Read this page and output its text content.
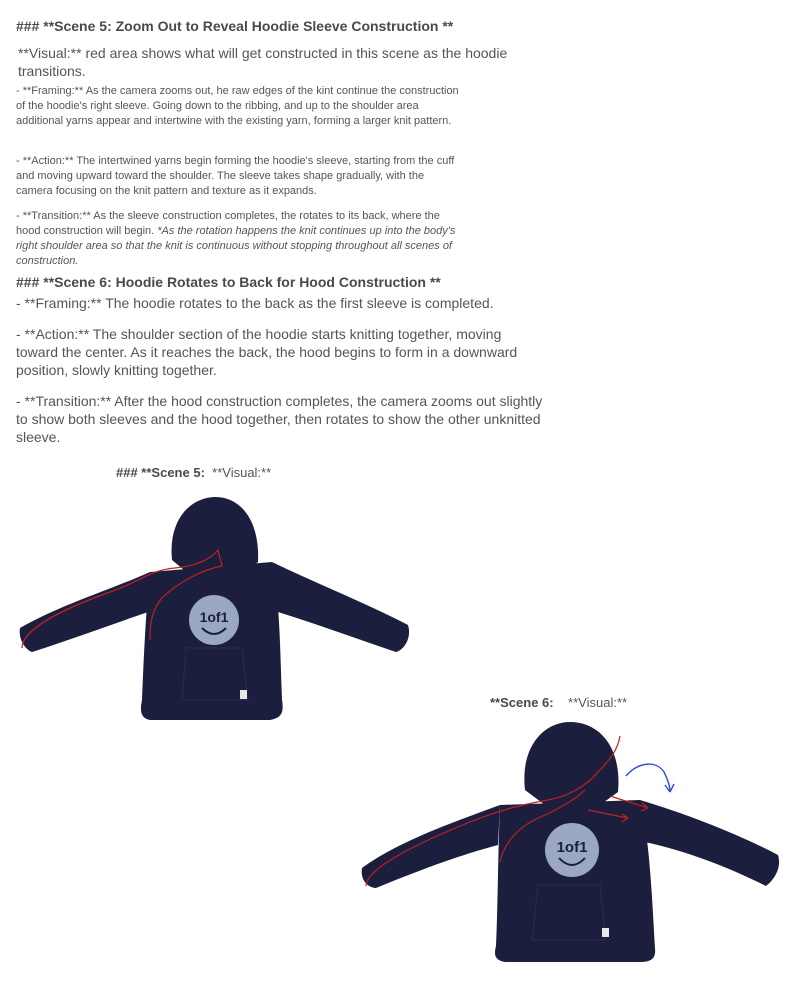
### **Scene 5: Zoom Out to Reveal Hoodie Sleeve Construction **
**Visual:** red area shows what will get constructed in this scene as the hoodie transitions.
- **Framing:** As the camera zooms out, he raw edges of the kint continue the construction of the hoodie's right sleeve. Going down to the ribbing, and up to the shoulder area additional yarns appear and intertwine with the existing yarn, forming a larger knit pattern.
- **Action:** The intertwined yarns begin forming the hoodie's sleeve, starting from the cuff and moving upward toward the shoulder. The sleeve takes shape gradually, with the camera focusing on the knit pattern and texture as it expands.
- **Transition:** As the sleeve construction completes, the rotates to its back, where the hood construction will begin. *As the rotation happens the knit continues up into the body's right shoulder area so that the knit is continuous without stopping throughout all scenes of construction.
### **Scene 6: Hoodie Rotates to Back for Hood Construction **
- **Framing:** The hoodie rotates to the back as the first sleeve is completed.
- **Action:** The shoulder section of the hoodie starts knitting together, moving toward the center. As it reaches the back, the hood begins to form in a downward position, slowly knitting together.
- **Transition:** After the hood construction completes, the camera zooms out slightly to show both sleeves and the hood together, then rotates to show the other unknitted sleeve.
### **Scene 5: **Visual:**
**Scene 6: **Visual:**
1of1
1of1
